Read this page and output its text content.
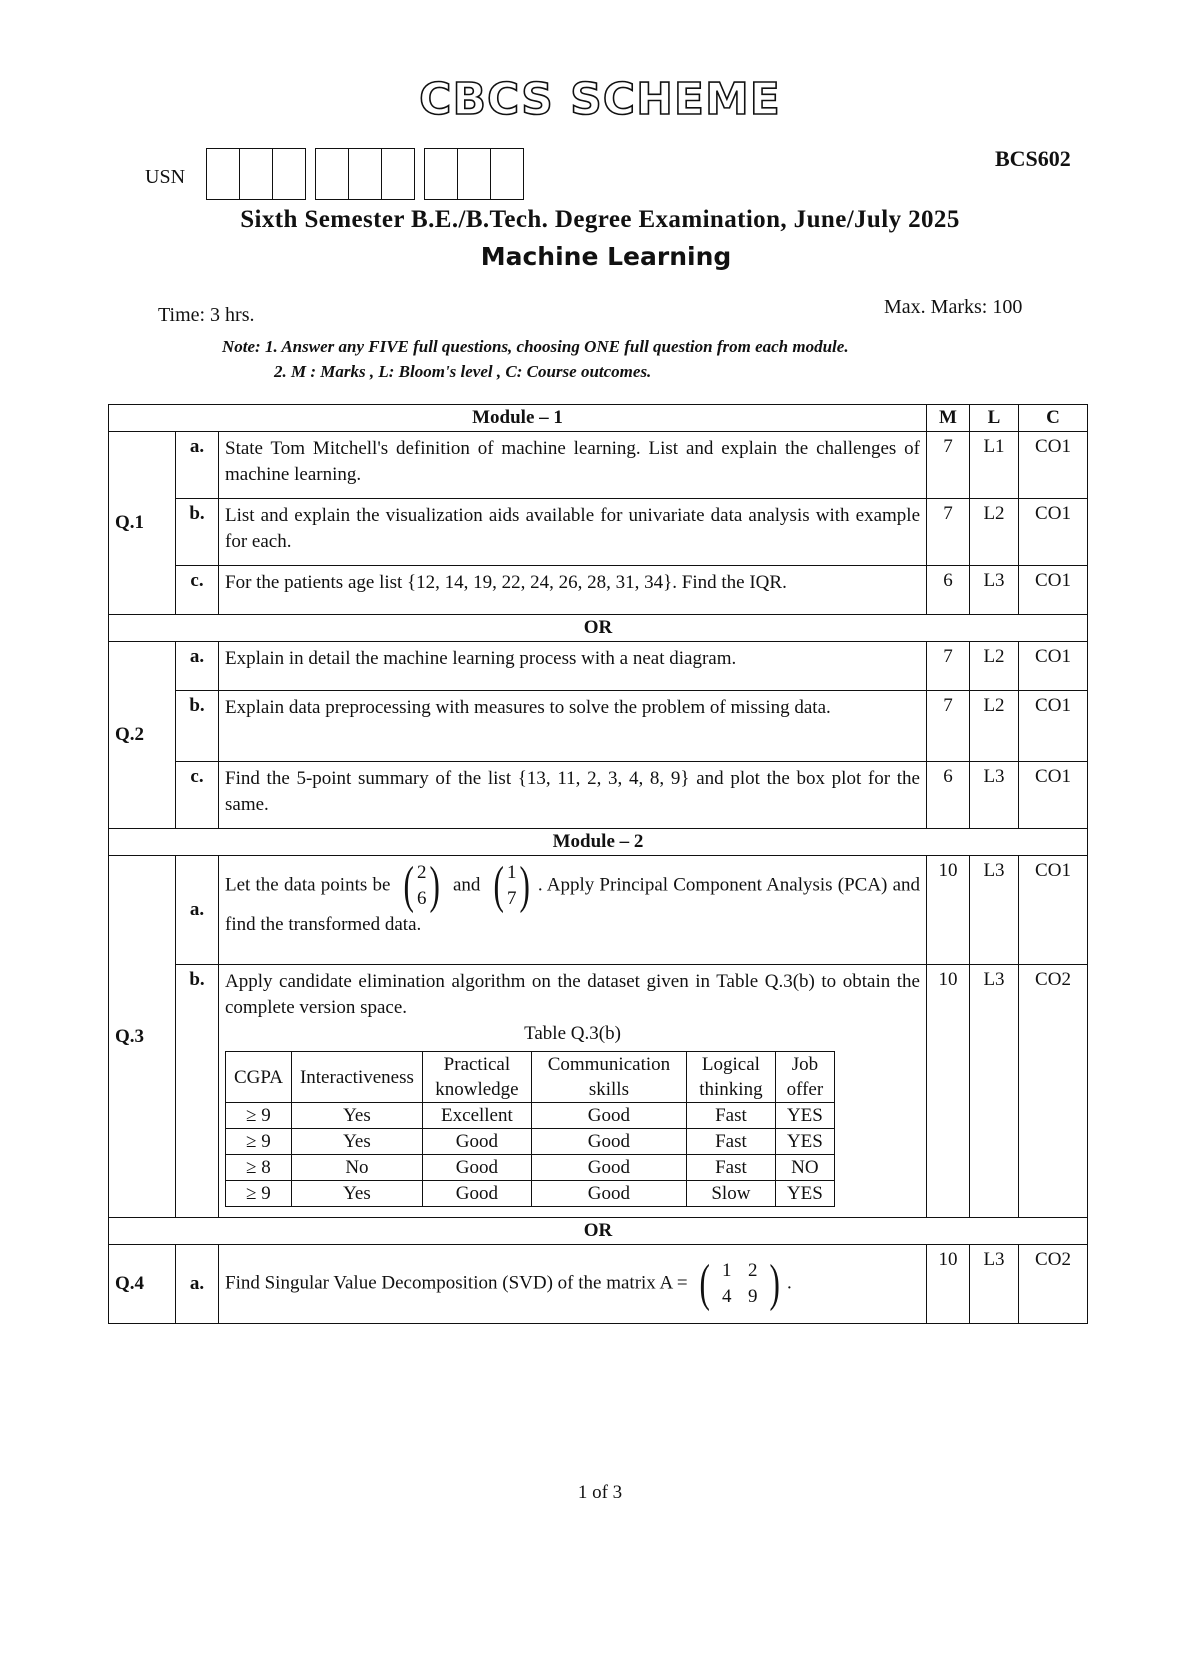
CBCS SCHEME
USN
BCS602
Sixth Semester B.E./B.Tech. Degree Examination, June/July 2025
Machine Learning
Time: 3 hrs.	Max. Marks: 100
Note: 1. Answer any FIVE full questions, choosing ONE full question from each module.
2. M : Marks , L: Bloom's level , C: Course outcomes.
Module – 1	M	L	C
Q.1	a.	State Tom Mitchell's definition of machine learning. List and explain the challenges of machine learning.	7	L1	CO1
b.	List and explain the visualization aids available for univariate data analysis with example for each.	7	L2	CO1
c.	For the patients age list {12, 14, 19, 22, 24, 26, 28, 31, 34}. Find the IQR.	6	L3	CO1
OR
Q.2	a.	Explain in detail the machine learning process with a neat diagram.	7	L2	CO1
b.	Explain data preprocessing with measures to solve the problem of missing data.	7	L2	CO1
c.	Find the 5-point summary of the list {13, 11, 2, 3, 4, 8, 9} and plot the box plot for the same.	6	L3	CO1
Module – 2
Q.3	a.	Let the data points be ( 2
6 ) and ( 1
7 ) . Apply Principal Component Analysis (PCA) and find the transformed data.	10	L3	CO1
b.	Apply candidate elimination algorithm on the dataset given in Table Q.3(b) to obtain the complete version space.
Table Q.3(b)
CGPA	Interactiveness	Practical knowledge	Communication skills	Logical thinking	Job offer
≥ 9	Yes	Excellent	Good	Fast	YES
≥ 9	Yes	Good	Good	Fast	YES
≥ 8	No	Good	Good	Fast	NO
≥ 9	Yes	Good	Good	Slow	YES
	10	L3	CO2
OR
Q.4	a.	Find Singular Value Decomposition (SVD) of the matrix A = ( 1 2
4 9 ) .	10	L3	CO2
1 of 3
